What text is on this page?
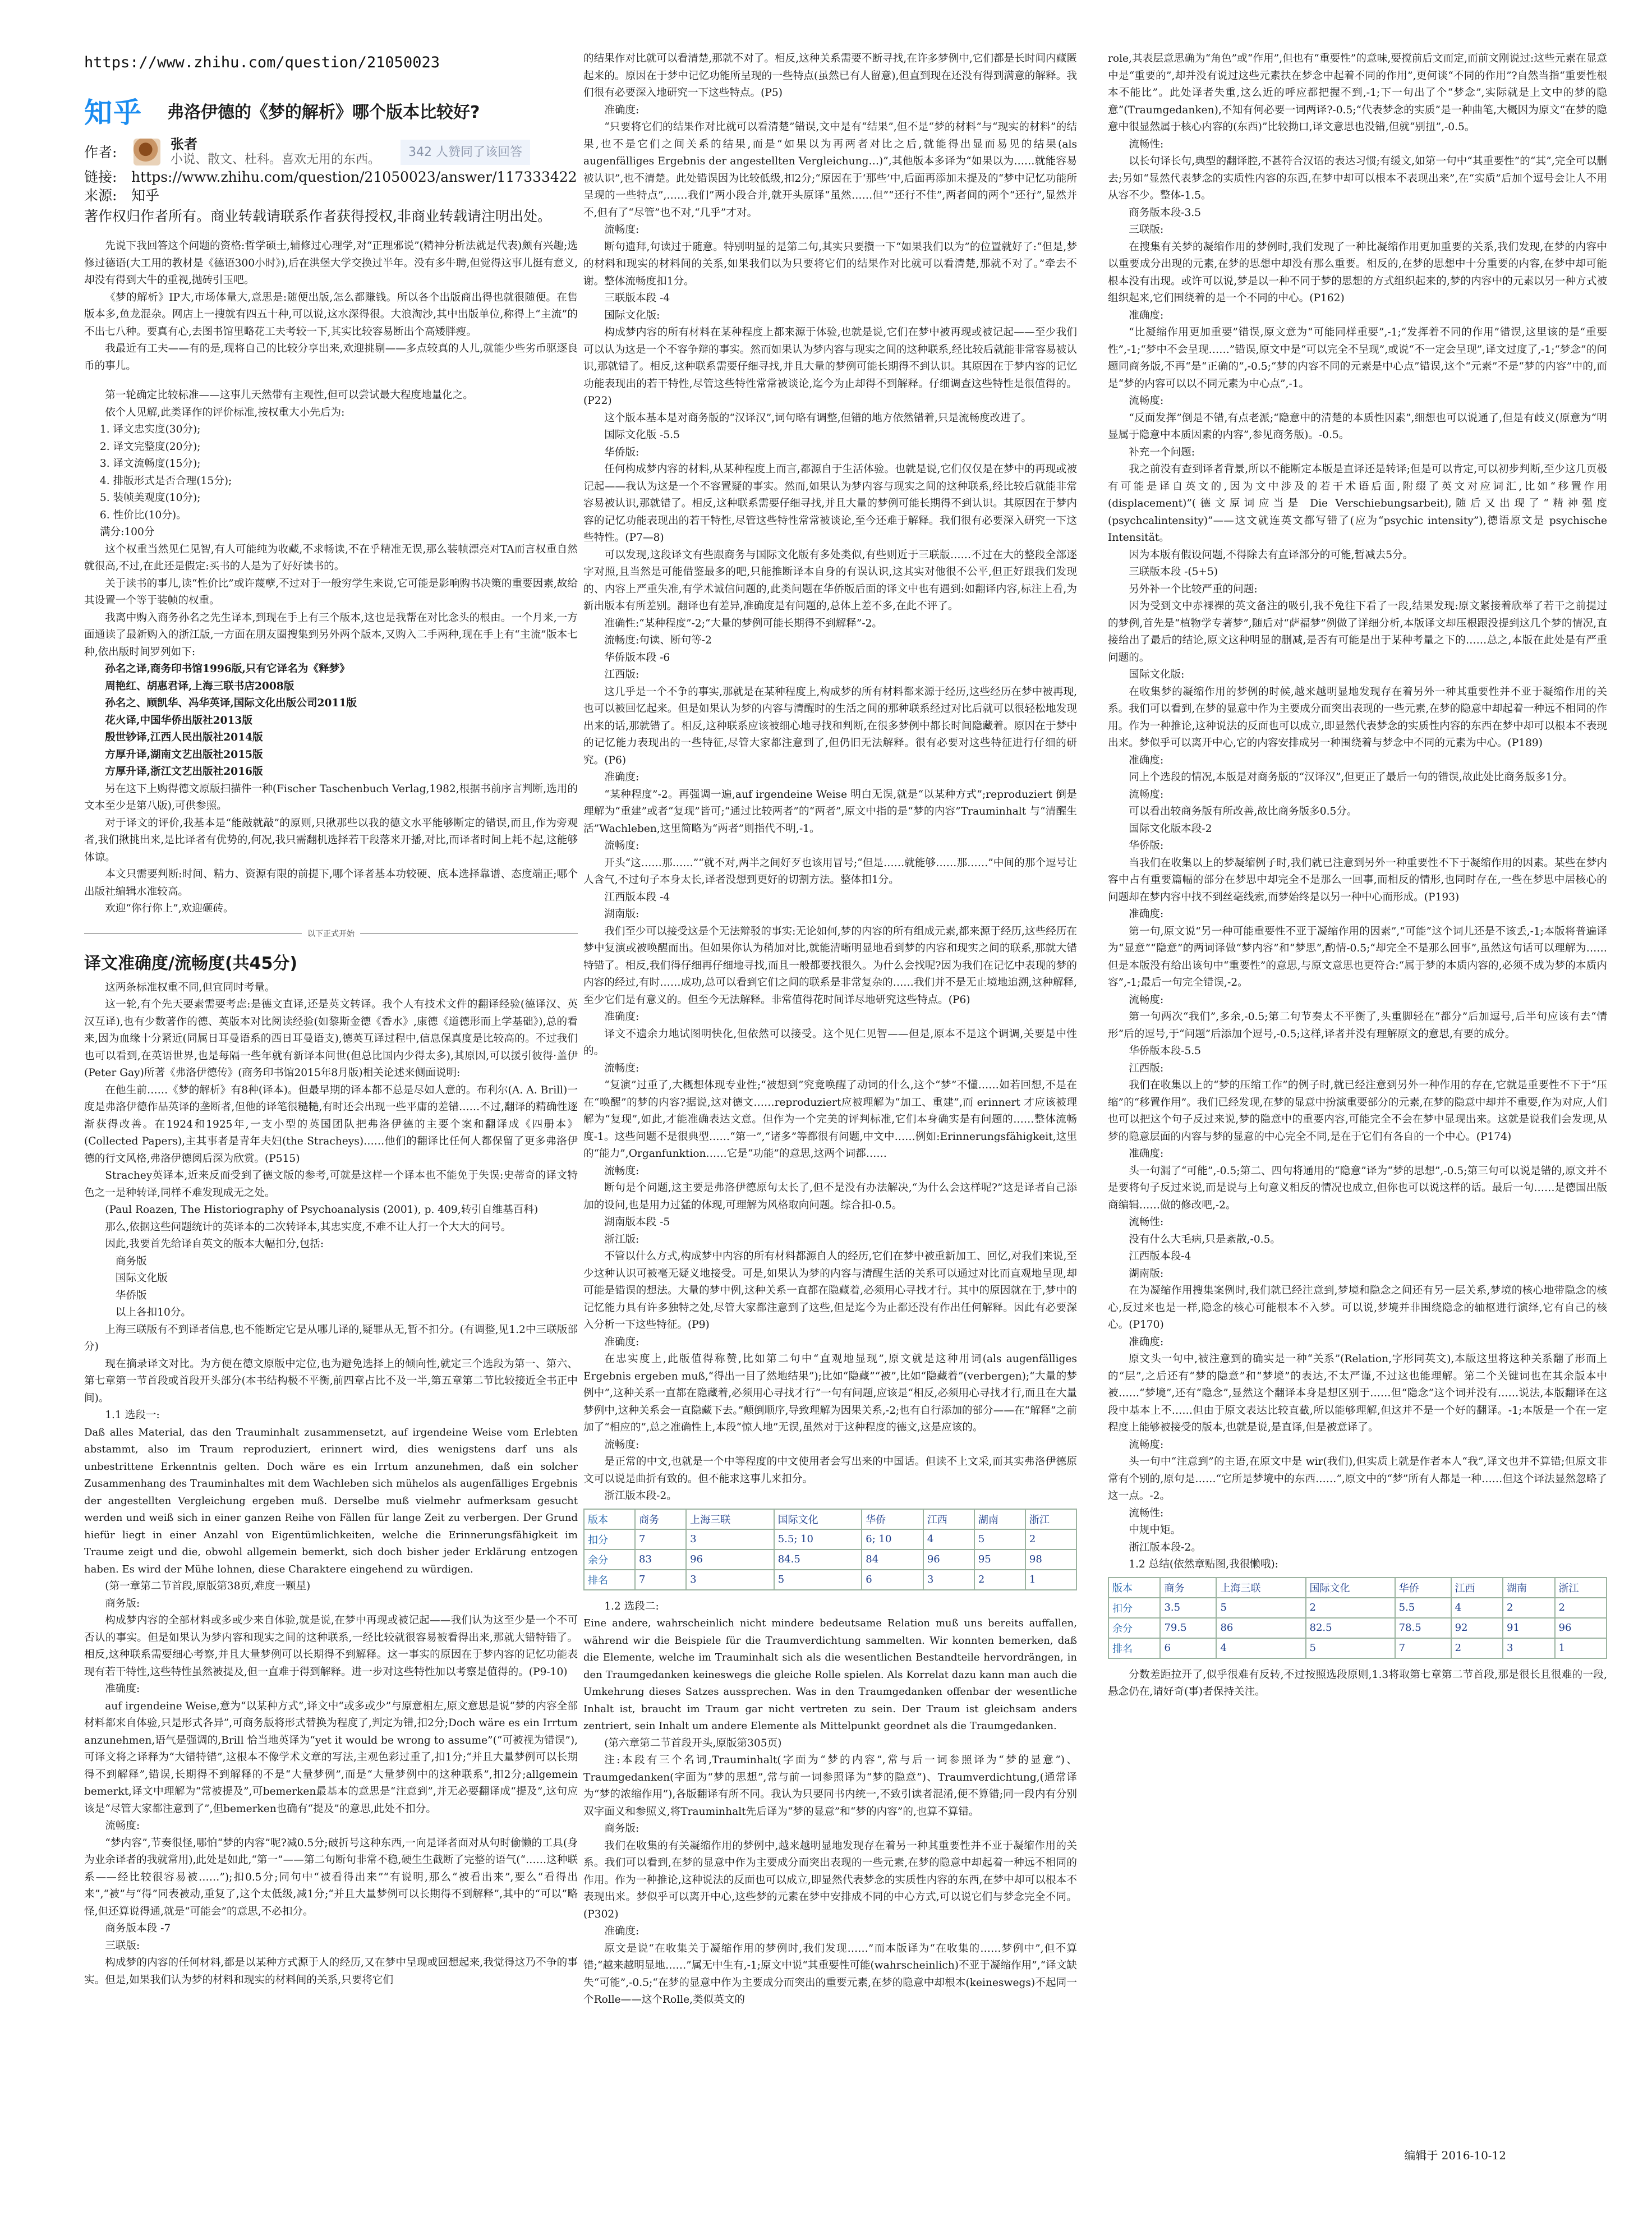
https://www.zhihu.com/question/21050023
知乎 弗洛伊德的《梦的解析》哪个版本比较好?
作者:	张者
小说、散文、杜科。喜欢无用的东西。
342 人赞同了该回答
链接: https://www.zhihu.com/question/21050023/answer/117333422
来源: 知乎
著作权归作者所有。商业转载请联系作者获得授权,非商业转载请注明出处。

先说下我回答这个问题的资格:哲学硕士,辅修过心理学,对“正理邪说”(精神分析法就是代表)颇有兴趣;选修过德语(大工用的教材是《德语300小时》),后在洪堡大学交换过半年。没有多牛聘,但觉得这事儿挺有意义,却没有得到大牛的重视,抛砖引玉吧。

《梦的解析》IP大,市场体量大,意思是:随便出版,怎么都赚钱。所以各个出版商出得也就很随便。在售版本多,鱼龙混杂。网店上一搜就有四五十种,可以说,这水深得很。大浪淘沙,其中出版单位,称得上“主流”的不出七八种。要真有心,去图书馆里略花工夫考较一下,其实比较容易断出个高矮胖瘦。

我最近有工夫——有的是,现将自己的比较分享出来,欢迎挑剔——多点较真的人儿,就能少些劣币驱逐良币的事儿。

第一轮确定比较标准——这事儿天然带有主观性,但可以尝试最大程度地量化之。

依个人见解,此类译作的评价标准,按权重大小先后为:

1. 译文忠实度(30分);

2. 译文完整度(20分);

3. 译文流畅度(15分);

4. 排版形式是否合理(15分);

5. 装帧美观度(10分);

6. 性价比(10分)。

满分:100分

这个权重当然见仁见智,有人可能纯为收藏,不求畅读,不在乎精准无误,那么装帧漂亮对TA而言权重自然就很高,不过,在此还是假定:买书的人是为了好好读书的。

关于读书的事儿,读“性价比”或许蔑孽,不过对于一般穷学生来说,它可能是影响购书决策的重要因素,故给其设置一个等于装帧的权重。

我离中购入商务孙名之先生译本,到现在手上有三个版本,这也是我帮在对比念头的根由。一个月来,一方面通读了最新购入的浙江版,一方面在朋友圈搜集到另外两个版本,又购入二手两种,现在手上有“主流”版本七种,依出版时间罗列如下:

孙名之译,商务印书馆1996版,只有它译名为《释梦》

周艳红、胡惠君译,上海三联书店2008版

孙名之、顾凯华、冯华英译,国际文化出版公司2011版

花火译,中国华侨出版社2013版

殷世钞译,江西人民出版社2014版

方厚升译,湖南文艺出版社2015版

方厚升译,浙江文艺出版社2016版

另在这下上购得德文原版扫描件一种(Fischer Taschenbuch Verlag,1982,根据书前序言判断,选用的文本至少是第八版),可供参照。

对于译文的评价,我基本是“能敲就敲”的原则,只揪那些以我的德文水平能够断定的错误,而且,作为旁观者,我们揪挑出来,是比译者有优势的,何况,我只需翻机选择若干段落来开播,对比,而译者时间上耗不起,这能够体谅。

本文只需要判断:时间、精力、资源有限的前提下,哪个译者基本功较硬、底本选择靠谱、态度端正;哪个出版社编辑水准较高。

欢迎“你行你上”,欢迎砸砖。

以下正式开始
译文准确度/流畅度(共45分)

这两条标准权重不同,但宜同时考量。

这一轮,有个先天要素需要考虑:是德文直译,还是英文转译。我个人有技术文件的翻译经验(德译汉、英汉互译),也有少数著作的德、英版本对比阅读经验(如黎斯金德《香水》,康德《道德形而上学基础》),总的看来,因为血缘十分紧近(同属日耳曼语系的西日耳曼语支),德英互译过程中,信息保真度是比较高的。不过我们也可以看到,在英语世界,也是每隔一些年就有新译本问世(但总比国内少得太多),其原因,可以援引彼得·盖伊(Peter Gay)所著《弗洛伊德传》(商务印书馆2015年8月版)相关论述来侧面说明:

在他生前……《梦的解析》有8种(译本)。但最早期的译本都不总是尽如人意的。布利尔(A. A. Brill)一度是弗洛伊德作品英译的垄断者,但他的译笔很糙糙,有时还会出现一些平庸的差错……不过,翻译的精确性逐渐获得改善。在1924和1925年,一支小型的英国团队把弗洛伊德的主要个案和翻译成《四册本》(Collected Papers),主其事者是青年夫妇(the Stracheys)……他们的翻译比任何人都保留了更多弗洛伊德的行文风格,弗洛伊德阅后深为欣赏。(P515)

Strachey英译本,近来反而受到了德文版的参考,可就是这样一个译本也不能免于失误:史蒂奇的译文特色之一是种转译,同样不难发现成无之处。

(Paul Roazen, The Historiography of Psychoanalysis (2001), p. 409,转引自维基百科)

那么,依据这些问题统计的英译本的二次转译本,其忠实度,不难不让人打一个大大的问号。

因此,我要首先给译自英文的版本大幅扣分,包括:

商务版

国际文化版

华侨版

以上各扣10分。

上海三联版有不到译者信息,也不能断定它是从哪儿译的,疑罪从无,暂不扣分。(有调整,见1.2中三联版部分)

现在摘录译文对比。为方便在德文原版中定位,也为避免选择上的倾向性,就定三个选段为第一、第六、第七章第一节首段或首段开头部分(本书结构极不平衡,前四章占比不及一半,第五章第二节比较接近全书正中间)。

1.1 选段一:

Daß alles Material, das den Trauminhalt zusammensetzt, auf irgendeine Weise vom Erlebten abstammt, also im Traum reproduziert, erinnert wird, dies wenigstens darf uns als unbestrittene Erkenntnis gelten. Doch wäre es ein Irrtum anzunehmen, daß ein solcher Zusammenhang des Trauminhaltes mit dem Wachleben sich mühelos als augenfälliges Ergebnis der angestellten Vergleichung ergeben muß. Derselbe muß vielmehr aufmerksam gesucht werden und weiß sich in einer ganzen Reihe von Fällen für lange Zeit zu verbergen. Der Grund hiefür liegt in einer Anzahl von Eigentümlichkeiten, welche die Erinnerungsfähigkeit im Traume zeigt und die, obwohl allgemein bemerkt, sich doch bisher jeder Erklärung entzogen haben. Es wird der Mühe lohnen, diese Charaktere eingehend zu würdigen.

(第一章第二节首段,原版第38页,难度一颗星)

商务版:

构成梦内容的全部材料或多或少来自体验,就是说,在梦中再现或被记起——我们认为这至少是一个不可否认的事实。但是如果认为梦内容和现实之间的这种联系,一经比较就很容易被看得出来,那就大错特错了。相反,这种联系需要细心考察,并且大量梦例可以长期得不到解释。这一事实的原因在于梦内容的记忆功能表现有若干特性,这些特性虽然被提及,但一直难于得到解释。进一步对这些特性加以考察是值得的。(P9-10)

准确度:

auf irgendeine Weise,意为“以某种方式”,译文中“或多或少”与原意相左,原文意思是说“梦的内容全部材料都来自体验,只是形式各异”,可商务版将形式替换为程度了,判定为错,扣2分;Doch wäre es ein Irrtum anzunehmen,语气是强调的,Brill 恰当地英译为“yet it would be wrong to assume”(“可被视为错误”),可译文将之译释为“大错特错”,这根本不像学术文章的写法,主观色彩过重了,扣1分;“并且大量梦例可以长期得不到解释”,错误,长期得不到解释的不是“大量梦例”,而是“大量梦例中的这种联系”,扣2分;allgemein bemerkt,译文中理解为“常被提及”,可bemerken最基本的意思是“注意到”,并无必要翻译成“提及”,这句应该是“尽管大家都注意到了”,但bemerken也确有“提及”的意思,此处不扣分。

流畅度:

“梦内容”,节奏很怪,哪怕“梦的内容”呢?减0.5分;破折号这种东西,一向是译者面对从句时偷懒的工具(身为业余译者的我就常用),此处是如此,“第一”——第二句断句非常不稳,硬生生截断了完整的语气(“……这种联系——经比较很容易被……”);扣0.5分;同句中“被看得出来”“有说明,那么“被看出来”,要么“看得出来”,“被”与“得”同表被动,重复了,这个太低级,减1分;“并且大量梦例可以长期得不到解释”,其中的“可以”略怪,但还算说得通,就是“可能会”的意思,不必扣分。

商务版本段 -7

三联版:

构成梦的内容的任何材料,都是以某种方式源于人的经历,又在梦中呈现或回想起来,我觉得这乃不争的事实。但是,如果我们认为梦的材料和现实的材料间的关系,只要将它们

的结果作对比就可以看清楚,那就不对了。相反,这种关系需要不断寻找,在许多梦例中,它们都是长时间内藏匿起来的。原因在于梦中记忆功能所呈现的一些特点(虽然已有人留意),但直到现在还没有得到满意的解释。我们很有必要深入地研究一下这些特点。(P5)

准确度:

“只要将它们的结果作对比就可以看清楚”错误,文中是有“结果”,但不是“梦的材料”与“现实的材料”的结果,也不是它们之间关系的结果,而是“如果以为再两者对比之后,就能得出显而易见的结果(als augenfälliges Ergebnis der angestellten Vergleichung…)”,其他版本多译为“如果以为……就能容易被认识”,也不清楚。此处错误因为比较低级,扣2分;“原因在于‘那些’中,后面再添加未提及的“梦中记忆功能所呈现的一些特点”,……我们”两小段合并,就开头原译“虽然……但”“还行不佳”,两者间的两个“还行”,显然并不,但有了“尽管”也不对,“几乎”才对。

流畅度:

断句遗拜,句读过于随意。特别明显的是第二句,其实只要攒一下“如果我们以为”的位置就好了:“但是,梦的材料和现实的材料间的关系,如果我们以为只要将它们的结果作对比就可以看清楚,那就不对了。”牵去不谢。整体流畅度扣1分。

三联版本段 -4

国际文化版:

构成梦内容的所有材料在某种程度上都来源于体验,也就是说,它们在梦中被再现或被记起——至少我们可以认为这是一个不容争辩的事实。然而如果认为梦内容与现实之间的这种联系,经比较后就能非常容易被认识,那就错了。相反,这种联系需要仔细寻找,并且大量的梦例可能长期得不到认识。其原因在于梦内容的记忆功能表现出的若干特性,尽管这些特性常常被谈论,迄今为止却得不到解释。仔细调查这些特性是很值得的。(P22)

这个版本基本是对商务版的“汉译汉”,词句略有调整,但错的地方依然错着,只是流畅度改进了。

国际文化版 -5.5

华侨版:

任何构成梦内容的材料,从某种程度上而言,都源自于生活体验。也就是说,它们仅仅是在梦中的再现或被记起——我认为这是一个不容置疑的事实。然而,如果认为梦内容与现实之间的这种联系,经比较后就能非常容易被认识,那就错了。相反,这种联系需要仔细寻找,并且大量的梦例可能长期得不到认识。其原因在于梦内容的记忆功能表现出的若干特性,尽管这些特性常常被谈论,至今还难于解释。我们很有必要深入研究一下这些特性。(P7—8)

可以发现,这段译文有些跟商务与国际文化版有多处类似,有些则近于三联版……不过在大的整段全部逐字对照,且当然是可能借鉴最多的吧,只能推断译本自身的有误认识,这其实对他很不公平,但正好跟我们发现的、内容上严重失准,有学术诚信问题的,此类问题在华侨版后面的译文中也有遇到:如翻译内容,标注上看,为新出版本有所差别。翻译也有差异,准确度是有问题的,总体上差不多,在此不评了。

准确性:“某种程度”-2;“大量的梦例可能长期得不到解释”-2。

流畅度:句读、断句等-2

华侨版本段 -6

江西版:

这几乎是一个不争的事实,那就是在某种程度上,构成梦的所有材料都来源于经历,这些经历在梦中被再现,也可以被回忆起来。但是如果认为梦的内容与清醒时的生活之间的那种联系经过对比后就可以很轻松地发现出来的话,那就错了。相反,这种联系应该被细心地寻找和判断,在很多梦例中都长时间隐藏着。原因在于梦中的记忆能力表现出的一些特征,尽管大家都注意到了,但仍旧无法解释。很有必要对这些特征进行仔细的研究。(P6)

准确度:

“某种程度”-2。再强调一遍,auf irgendeine Weise 明白无误,就是“以某种方式”;reproduziert 倒是理解为“重建”或者“复现”皆可;“通过比较两者”的“两者”,原文中指的是“梦的内容”Trauminhalt 与“清醒生活”Wachleben,这里简略为“两者”则指代不明,-1。

流畅度:

开头“这……那……”“就不对,两半之间好歹也该用冒号;“但是……就能够……那……”中间的那个逗号让人含气,不过句子本身太长,译者没想到更好的切割方法。整体扣1分。

江西版本段 -4

湖南版:

我们至少可以接受这是个无法辩驳的事实:无论如何,梦的内容的所有组成元素,都来源于经历,这些经历在梦中复演或被唤醒而出。但如果你认为稍加对比,就能清晰明显地看到梦的内容和现实之间的联系,那就大错特错了。相反,我们得仔细再仔细地寻找,而且一般都要找很久。为什么会找呢?因为我们在记忆中表现的梦的内容的经过,有时……成功,总可以看到它们之间的联系是非常复杂的……我们并不是无止境地追溯,这种解释,至少它们是有意义的。但至今无法解释。非常值得花时间详尽地研究这些特点。(P6)

准确度:

译文不遗余力地试图明快化,但依然可以接受。这个见仁见智——但是,原本不是这个调调,关要是中性的。

流畅度:

“复演”过重了,大概想体现专业性;“被想到”究竟唤醒了动词的什么,这个“梦”不懂……如若回想,不是在在“唤醒”的梦的内容?据说,这对德文……reproduziert应被理解为“加工、重建”,而 erinnert 才应该被理解为“复现”,如此,才能准确表达文意。但作为一个完美的评判标准,它们本身确实是有问题的……整体流畅度-1。这些问题不是很典型……“第一”,“诸多”等都很有问题,中文中……例如:Erinnerungsfähigkeit,这里的“能力”,Organfunktion……它是“功能”的意思,这两个词都……

流畅度:

断句是个问题,这主要是弗洛伊德原句太长了,但不是没有办法解决,“为什么会这样呢?”这是译者自己添加的设问,也是用力过猛的体现,可理解为风格取向问题。综合扣-0.5。

湖南版本段 -5

浙江版:

不管以什么方式,构成梦中内容的所有材料都源自人的经历,它们在梦中被重新加工、回忆,对我们来说,至少这种认识可被毫无疑义地接受。可是,如果认为梦的内容与清醒生活的关系可以通过对比而直观地呈现,却可能是错误的想法。大量的梦中例,这种关系一直都在隐藏着,必须用心寻找才行。其中的原因就在于,梦中的记忆能力具有许多独特之处,尽管大家都注意到了这些,但是迄今为止都还没有作出任何解释。因此有必要深入分析一下这些特征。(P9)

准确度:

在忠实度上,此版值得称赞,比如第二句中“直观地显现”,原文就是这种用词(als augenfälliges Ergebnis ergeben muß,“得出一目了然地结果”);比如“隐藏”“被”,比如“隐藏着”(verbergen);“大量的梦例中”,这种关系一直都在隐藏着,必须用心寻找才行”一句有问题,应该是“相反,必须用心寻找才行,而且在大量梦例中,这种关系会一直隐藏下去。”颠倒顺序,导致理解为因果关系,-2;也有自行添加的部分——在“解释”之前加了“相应的”,总之准确性上,本段“惊人地”无误,虽然对于这种程度的德文,这是应该的。

流畅度:

是正常的中文,也就是一个中等程度的中文使用者会写出来的中国话。但读不上文采,而其实弗洛伊德原文可以说是曲折有致的。但不能求这事儿来扣分。

浙江版本段-2。

版本	商务	上海三联	国际文化	华侨	江西	湖南	浙江
扣分	7	3	5.5; 10	6; 10	4	5	2
余分	83	96	84.5	84	96	95	98
排名	7	3	5	6	3	2	1

1.2 选段二:

Eine andere, wahrscheinlich nicht mindere bedeutsame Relation muß uns bereits auffallen, während wir die Beispiele für die Traumverdichtung sammelten. Wir konnten bemerken, daß die Elemente, welche im Trauminhalt sich als die wesentlichen Bestandteile hervordrängen, in den Traumgedanken keineswegs die gleiche Rolle spielen. Als Korrelat dazu kann man auch die Umkehrung dieses Satzes aussprechen. Was in den Traumgedanken offenbar der wesentliche Inhalt ist, braucht im Traum gar nicht vertreten zu sein. Der Traum ist gleichsam anders zentriert, sein Inhalt um andere Elemente als Mittelpunkt geordnet als die Traumgedanken.

(第六章第二节首段开头,原版第305页)

注:本段有三个名词,Trauminhalt(字面为“梦的内容”,常与后一词参照译为“梦的显意”)、Traumgedanken(字面为“梦的思想”,常与前一词参照译为“梦的隐意”)、Traumverdichtung,(通常译为“梦的浓缩作用”),各版翻译有所不同。我认为只要同书内统一,不致引读者混淆,便不算错;同一段内有分别双字面义和参照义,将Trauminhalt先后译为“梦的显意”和“梦的内容”的,也算不算错。

商务版:

我们在收集的有关凝缩作用的梦例中,越来越明显地发现存在着另一种其重要性并不亚于凝缩作用的关系。我们可以看到,在梦的显意中作为主要成分而突出表现的一些元素,在梦的隐意中却起着一种远不相同的作用。作为一种推论,这种说法的反面也可以成立,即显然代表梦念的实质性内容的东西,在梦中却可以根本不表现出来。梦似乎可以离开中心,这些梦的元素在梦中安排成不同的中心方式,可以说它们与梦念完全不同。(P302)

准确度:

原文是说“在收集关于凝缩作用的梦例时,我们发现……”而本版译为“在收集的……梦例中”,但不算错;“越来越明显地……”属无中生有,-1;原文中说“其重要性可能(wahrscheinlich)不亚于凝缩作用”,“译文缺失“可能”,-0.5;“在梦的显意中作为主要成分而突出的重要元素,在梦的隐意中却根本(keineswegs)不起同一个Rolle——这个Rolle,类似英文的

role,其表层意思确为“角色”或“作用”,但也有“重要性”的意味,要搅前后文而定,而前文刚说过:这些元素在显意中是“重要的”,却并没有说过这些元素扶在梦念中起着不同的作用”,更何谈“不同的作用”?自然当指“重要性根本不能比”。此处译者失重,这么近的呼应都把握不到,-1;下一句出了个“梦念”,实际就是上文中的梦的隐意”(Traumgedanken),不知有何必要一词两译?-0.5;“代表梦念的实质”是一种曲笔,大概因为原文“在梦的隐意中很显然属于核心内容的(东西)”比较拗口,译文意思也没错,但就“别扭”,-0.5。

流畅性:

以长句译长句,典型的翻译腔,不甚符合汉语的表达习惯;有缓文,如第一句中“其重要性”的“其”,完全可以删去;另如“显然代表梦念的实质性内容的东西,在梦中却可以根本不表现出来”,在“实质”后加个逗号会让人不用从容不少。整体-1.5。

商务版本段-3.5

三联版:

在搜集有关梦的凝缩作用的梦例时,我们发现了一种比凝缩作用更加重要的关系,我们发现,在梦的内容中以重要成分出现的元素,在梦的思想中却没有那么重要。相反的,在梦的思想中十分重要的内容,在梦中却可能根本没有出现。或许可以说,梦是以一种不同于梦的思想的方式组织起来的,梦的内容中的元素以另一种方式被组织起来,它们围绕着的是一个不同的中心。(P162)

准确度:

“比凝缩作用更加重要”错误,原文意为“可能同样重要”,-1;“发挥着不同的作用”错误,这里该的是“重要性”,-1;“梦中不会呈现……”错误,原文中是“可以完全不呈现”,或说“不一定会呈现”,译文过度了,-1;“梦念”的问题同商务版,不再“是“正确的”,-0.5;“梦的内容不同的元素是中心点”错误,这个“元素”不是“梦的内容”中的,而是“梦的内容可以以不同元素为中心点”,-1。

流畅度:

“反面发挥”倒是不错,有点老派;“隐意中的清楚的本质性因素”,细想也可以说通了,但是有歧义(原意为“明显属于隐意中本质因素的内容”,参见商务版)。-0.5。

补充一个问题:

我之前没有查到译者背景,所以不能断定本版是直译还是转译;但是可以肯定,可以初步判断,至少这几页极有可能是译自英文的,因为文中涉及的若干术语后面,附缀了英文对应词汇,比如“移置作用(displacement)”(德文原词应当是 Die Verschiebungsarbeit),随后又出现了“精神强度(psychcalintensity)”——这文就连英文都写错了(应为“psychic intensity”),德语原文是 psychische Intensität。

因为本版有假设问题,不得除去有直译部分的可能,暂减去5分。

三联版本段 -(5+5)

另外补一个比较严重的问题:

因为受到文中赤裸裸的英文备注的吸引,我不免往下看了一段,结果发现:原文紧接着欣举了若干之前提过的梦例,首先是“植物学专著梦”,随后对“萨福梦”例做了详细分析,本版译文却压根跟没提到这几个梦的情况,直接给出了最后的结论,原文这种明显的删减,是否有可能是出于某种考量之下的……总之,本版在此处是有严重问题的。

国际文化版:

在收集梦的凝缩作用的梦例的时候,越来越明显地发现存在着另外一种其重要性并不亚于凝缩作用的关系。我们可以看到,在梦的显意中作为主要成分而突出表现的一些元素,在梦的隐意中却起着一种远不相同的作用。作为一种推论,这种说法的反面也可以成立,即显然代表梦念的实质性内容的东西在梦中却可以根本不表现出来。梦似乎可以离开中心,它的内容安排成另一种围绕着与梦念中不同的元素为中心。(P189)

准确度:

同上个选段的情况,本版是对商务版的“汉译汉”,但更正了最后一句的错误,故此处比商务版多1分。

流畅度:

可以看出较商务版有所改善,故比商务版多0.5分。

国际文化版本段-2

华侨版:

当我们在收集以上的梦凝缩例子时,我们就已注意到另外一种重要性不下于凝缩作用的因素。某些在梦内容中占有重要篇幅的部分在梦思中却完全不是那么一回事,而相反的情形,也同时存在,一些在梦思中居核心的问题却在梦内容中找不到丝毫线索,而梦始终是以另一种中心而形成。(P193)

准确度:

第一句,原文说“另一种可能重要性不亚于凝缩作用的因素”,“可能”这个词儿还是不该丢,-1;本版将普遍译为“显意”“隐意”的两词译做“梦内容”和“梦思”,酌情-0.5;“却完全不是那么回事”,虽然这句话可以理解为……但是本版没有给出该句中“重要性”的意思,与原文意思也更符合:“属于梦的本质内容的,必须不成为梦的本质内容”,-1;最后一句完全错误,-2。

流畅度:

第一句两次“我们”,多余,-0.5;第二句节奏太不平衡了,头重脚轻在“都分”后加逗号,后半句应该有去“情形”后的逗号,于“问题”后添加个逗号,-0.5;这样,译者并没有理解原文的意思,有要的成分。

华侨版本段-5.5

江西版:

我们在收集以上的“梦的压缩工作”的例子时,就已经注意到另外一种作用的存在,它就是重要性不下于“压缩”的“移置作用”。我们已经发现,在梦的显意中扮演重要部分的元素,在梦的隐意中却并不重要,作为对应,人们也可以把这个句子反过来说,梦的隐意中的重要内容,可能完全不会在梦中显现出来。这就是说我们会发现,从梦的隐意层面的内容与梦的显意的中心完全不同,是在于它们有各自的一个中心。(P174)

准确度:

头一句漏了“可能”,-0.5;第二、四句将通用的“隐意”译为“梦的思想”,-0.5;第三句可以说是错的,原文并不是要将句子反过来说,而是说与上句意义相反的情况也成立,但你也可以说这样的话。最后一句……是德国出版商编辑……做的修改吧,-2。

流畅性:

没有什么大毛病,只是紊散,-0.5。

江西版本段-4

湖南版:

在为凝缩作用搜集案例时,我们就已经注意到,梦境和隐念之间还有另一层关系,梦境的核心地带隐念的核心,反过来也是一样,隐念的核心可能根本不入梦。可以说,梦境并非围绕隐念的轴枢进行演绎,它有自己的核心。(P170)

准确度:

原文头一句中,被注意到的确实是一种“关系”(Relation,字形同英文),本版这里将这种关系翻了形而上的“层”,之后还有“梦的隐意”和“梦境”的表达,不太严谨,不过这也能理解。第二个关键词也在其余版本中被……“梦境”,还有“隐念”,显然这个翻译本身是想区别于……但“隐念”这个词并没有……说法,本版翻译在这段中基本上不……但由于原文表达比较直截,所以能够理解,但这并不是一个好的翻译。-1;本版是一个在一定程度上能够被接受的版本,也就是说,是直译,但是被意译了。

流畅度:

头一句中“注意到”的主语,在原文中是 wir(我们),但实质上就是作者本人“我”,译文也并不算错;但原文非常有个别的,原句是……“它所是梦境中的东西……”,原文中的“梦”所有人都是一种……但这个译法显然忽略了这一点。-2。

流畅性:

中规中矩。

浙江版本段-2。

1.2 总结(依然章贴图,我很懒哦):

版本	商务	上海三联	国际文化	华侨	江西	湖南	浙江
扣分	3.5	5	2	5.5	4	2	2
余分	79.5	86	82.5	78.5	92	91	96
排名	6	4	5	7	2	3	1

分数差距拉开了,似乎很难有反转,不过按照选段原则,1.3将取第七章第二节首段,那是很长且很难的一段,悬念仍在,请好奇(事)者保持关注。

编辑于 2016-10-12
